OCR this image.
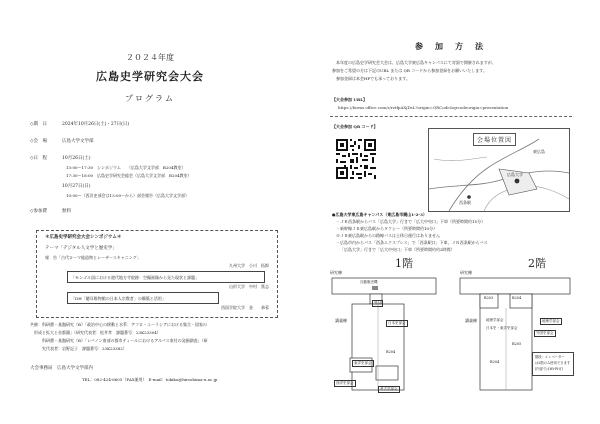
２０２４年度
広島史学研究会大会
プログラム
◇期　日	2024年10月26日(土)・27日(日)
◇会　場	広島大学文学部
◇日　程	10月26日(土)
13:00〜17:30　シンポジウム　　（広島大学文学部　B204教室）
17:30〜18:00　広島史学研究会総会（広島大学文学部　B204教室）
10月27日(日)
10:00〜（西洋史部会は13:00〜から）部会報告（広島大学文学部）
◇参加費	無料
＊広島史学研究会大会シンポジウム＊
テーマ「デジタル人文学と歴史学」
報　告「古代ローマ総造物とレーザースキャニング」
九州大学　小川　拓郎
「モンゴル国における遊代地方寺院跡：空撮画像から見た現状と課題」
山形大学　中村　篤志
「DH「聴耳唯物館の日本人宗教者」の構築と活用」
西国学院大学　金　　恭蓉
共催：科研費・基盤研究（B）「政治中心の移動と水系：アフロ・ユーラシアにおける集合・国家の
　形成と拡大と首都圏」（研究代表者：松井孝　課題番号：23K23304）
　　　科研費・基盤研究（B）「レバノン南部の都市ティールにおけるアルバス家付の発掘調査」（研
　　　究代表者：岩野記子　課題番号：23K23382）
大会事務局　広島大学文学部内
TEL：082-424-6605（FAX兼用）　E-mail：tokiko@hiroshima-u.ac.jp
参　加　方　法
本年度の広島史学研究会大会は、広島大学東広島キャンパスにて対面で開催されますが、
参加をご希望の方は下記のURL または QR コードから参加登録をお願いいたします。
参加登録は本会HPでも承っております。
【大会参加 URL】
https://forms.office.com/r/rztfpAXjDsL?origin=QRCode&qrcodeorigin=presentation
【大会参加 QR コード】
会場位置図
広島大学
東広島
西条駅
●広島大学東広島キャンパス（東広島市鏡山1-2-3）
・ＪＲ西条駅からバス「広島大学」行きで「広大中央口」下車（所要時間約15分）
・新幹線ＪＲ東広島駅からタクシー（所要時間約10分）
※ＪＲ東広島駅からの路線バスは土休日運行はありません
・広島市内からバス「西条エクスプレス」で「西条駅口」下車、ＪＲ西条駅からバス
「広島大学」行きで「広大中央口」下車（所要時間約約2時間）
1階
研究棟
講義棟
自動販売機
受付
日本史部会
東洋史部会
西洋史部会
B204
考古学部会
2階
研究棟
講義棟
B203	B204
B205
地理学部会
外国史部会
地理学部会
日本史・東洋史部会
B204
階段：エレベーター
は2階のみ使用できます
(内部ではWi-Fi可)
